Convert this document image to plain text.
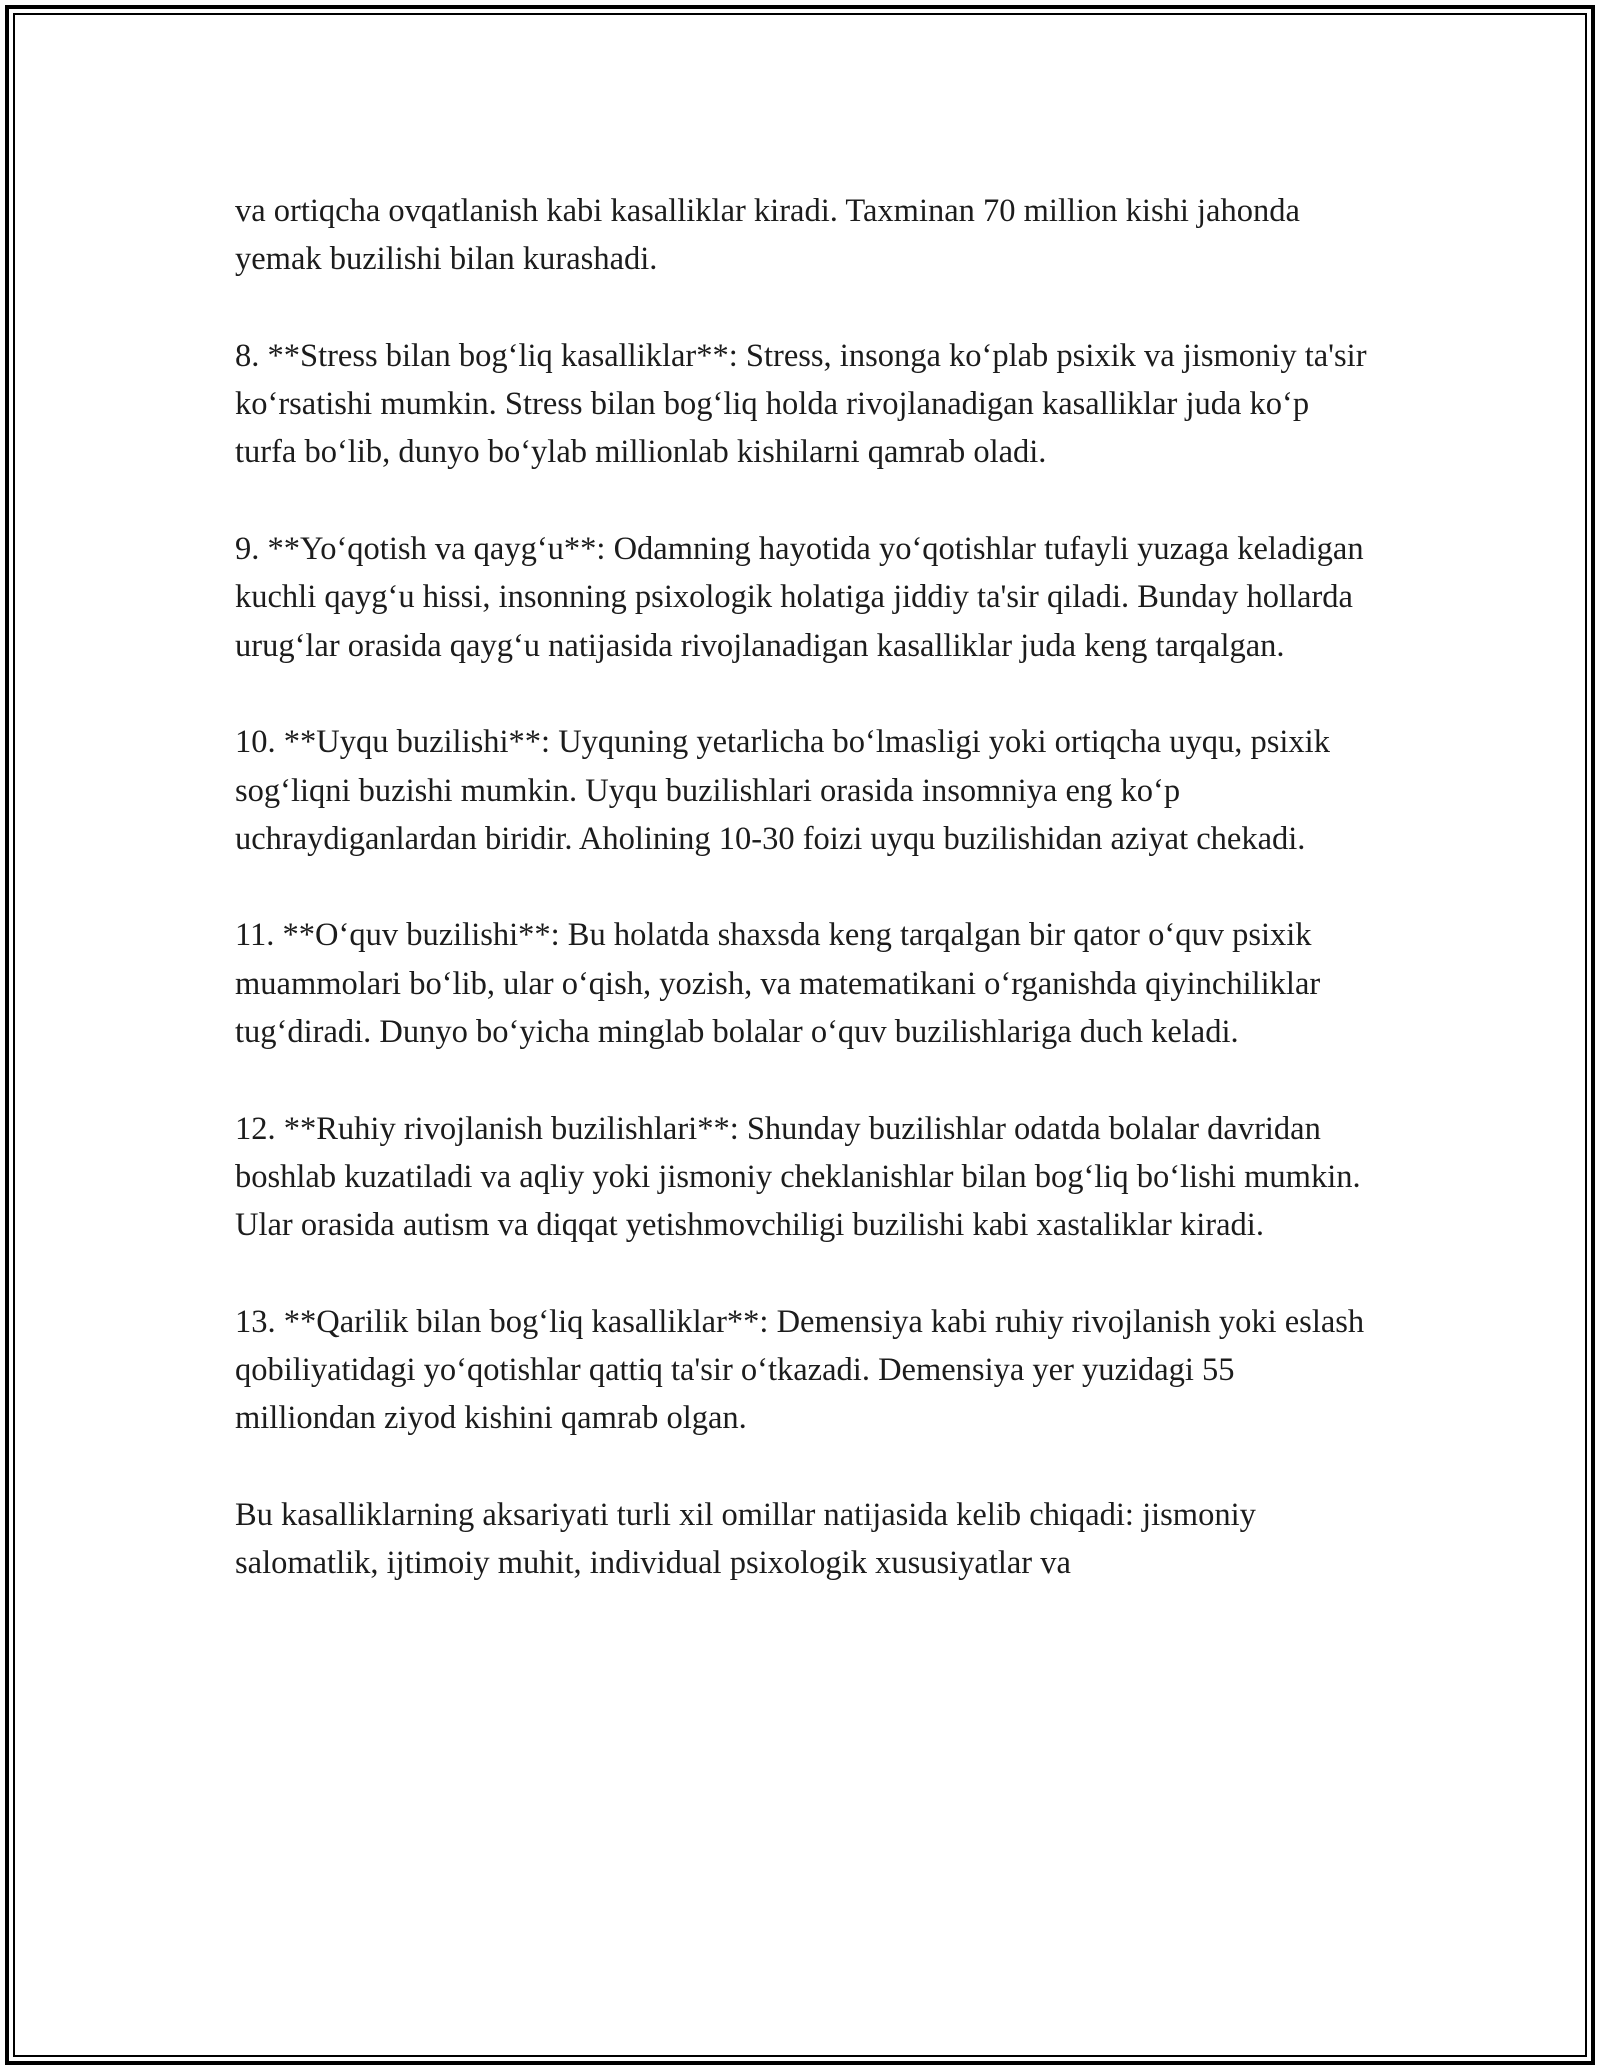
va ortiqcha ovqatlanish kabi kasalliklar kiradi. Taxminan 70 million kishi jahonda yemak buzilishi bilan kurashadi.

8. **Stress bilan bog‘liq kasalliklar**: Stress, insonga ko‘plab psixik va jismoniy ta'sir ko‘rsatishi mumkin. Stress bilan bog‘liq holda rivojlanadigan kasalliklar juda ko‘p turfa bo‘lib, dunyo bo‘ylab millionlab kishilarni qamrab oladi.

9. **Yo‘qotish va qayg‘u**: Odamning hayotida yo‘qotishlar tufayli yuzaga keladigan kuchli qayg‘u hissi, insonning psixologik holatiga jiddiy ta'sir qiladi. Bunday hollarda urug‘lar orasida qayg‘u natijasida rivojlanadigan kasalliklar juda keng tarqalgan.

10. **Uyqu buzilishi**: Uyquning yetarlicha bo‘lmasligi yoki ortiqcha uyqu, psixik sog‘liqni buzishi mumkin. Uyqu buzilishlari orasida insomniya eng ko‘p uchraydiganlardan biridir. Aholining 10-30 foizi uyqu buzilishidan aziyat chekadi.

11. **O‘quv buzilishi**: Bu holatda shaxsda keng tarqalgan bir qator o‘quv psixik muammolari bo‘lib, ular o‘qish, yozish, va matematikani o‘rganishda qiyinchiliklar tug‘diradi. Dunyo bo‘yicha minglab bolalar o‘quv buzilishlariga duch keladi.

12. **Ruhiy rivojlanish buzilishlari**: Shunday buzilishlar odatda bolalar davridan boshlab kuzatiladi va aqliy yoki jismoniy cheklanishlar bilan bog‘liq bo‘lishi mumkin. Ular orasida autism va diqqat yetishmovchiligi buzilishi kabi xastaliklar kiradi.

13. **Qarilik bilan bog‘liq kasalliklar**: Demensiya kabi ruhiy rivojlanish yoki eslash qobiliyatidagi yo‘qotishlar qattiq ta'sir o‘tkazadi. Demensiya yer yuzidagi 55 milliondan ziyod kishini qamrab olgan.

Bu kasalliklarning aksariyati turli xil omillar natijasida kelib chiqadi: jismoniy salomatlik, ijtimoiy muhit, individual psixologik xususiyatlar va
